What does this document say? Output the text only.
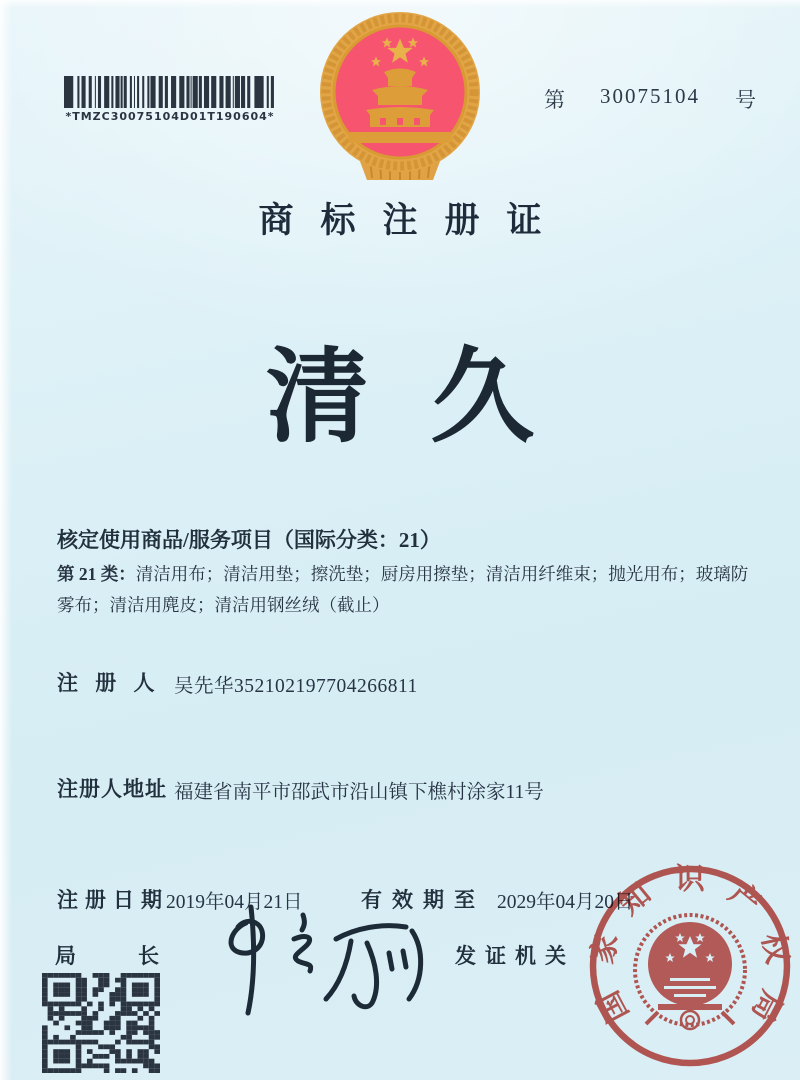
*TMZC30075104D01T190604*
第 30075104 号
商标注册证
清久
核定使用商品/服务项目（国际分类：21）
第 21 类：清洁用布；清洁用垫；擦洗垫；厨房用擦垫；清洁用纤维束；抛光用布；玻璃防雾布；清洁用麂皮；清洁用钢丝绒（截止）
注 册 人 吴先华352102197704266811
注册人地址 福建省南平市邵武市沿山镇下樵村涂家11号
注册日期
2019年04月21日	有效期至 2029年04月20日
局长	发证机关
国家知识产权局
